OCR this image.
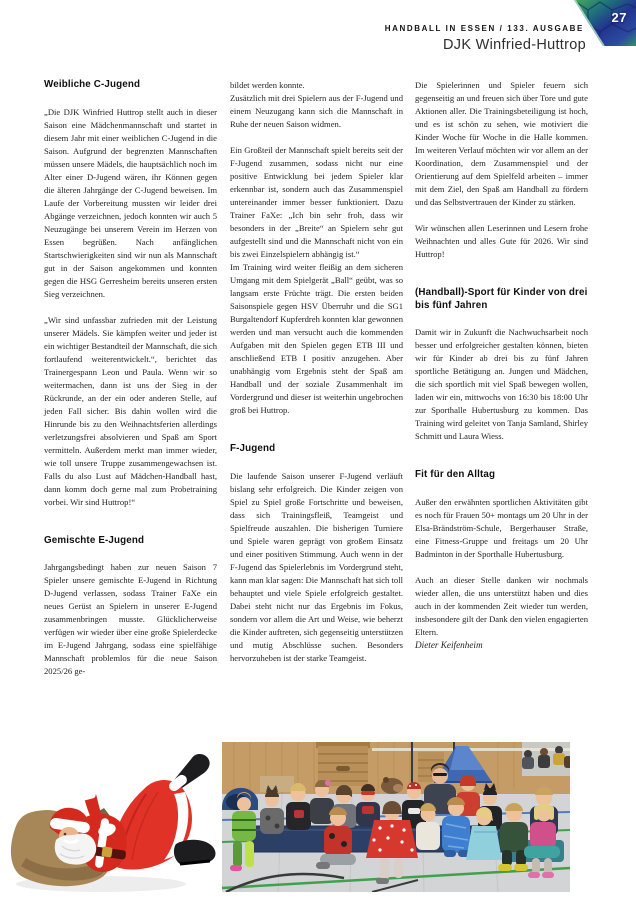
HANDBALL IN ESSEN / 133. AUSGABE
DJK Winfried-Huttrop
27
Weibliche C-Jugend

„Die DJK Winfried Huttrop stellt auch in dieser Saison eine Mädchenmannschaft und startet in diesem Jahr mit einer weiblichen C-Jugend in die Saison. Aufgrund der begrenzten Mannschaften müssen unsere Mädels, die hauptsächlich noch im Alter einer D-Jugend wären, ihr Können gegen die älteren Jahrgänge der C-Jugend beweisen. Im Laufe der Vorbereitung mussten wir leider drei Abgänge verzeichnen, jedoch konnten wir auch 5 Neuzugänge bei unserem Verein im Herzen von Essen begrüßen. Nach anfänglichen Startschwierigkeiten sind wir nun als Mannschaft gut in der Saison angekommen und konnten gegen die HSG Gerresheim bereits unseren ersten Sieg verzeichnen.

„Wir sind unfassbar zufrieden mit der Leistung unserer Mädels. Sie kämpfen weiter und jeder ist ein wichtiger Bestandteil der Mannschaft, die sich fortlaufend weiterentwickelt.“, berichtet das Trainergespann Leon und Paula. Wenn wir so weitermachen, dann ist uns der Sieg in der Rückrunde, an der ein oder anderen Stelle, auf jeden Fall sicher. Bis dahin wollen wird die Hinrunde bis zu den Weihnachtsferien allerdings verletzungsfrei absolvieren und Spaß am Sport vermitteln. Außerdem merkt man immer wieder, wie toll unsere Truppe zusammengewachsen ist. Falls du also Lust auf Mädchen-Handball hast, dann komm doch gerne mal zum Probetraining vorbei. Wir sind Huttrop!“

Gemischte E-Jugend

Jahrgangsbedingt haben zur neuen Saison 7 Spieler unsere gemischte E-Jugend in Richtung D-Jugend verlassen, sodass Trainer FaXe ein neues Gerüst an Spielern in unserer E-Jugend zusammenbringen musste. Glücklicherweise verfügen wir wieder über eine große Spielerdecke im E-Jugend Jahrgang, sodass eine spielfähige Mannschaft problemlos für die neue Saison 2025/26 ge-

bildet werden konnte.

Zusätzlich mit drei Spielern aus der F-Jugend und einem Neuzugang kann sich die Mannschaft in Ruhe der neuen Saison widmen.

Ein Großteil der Mannschaft spielt bereits seit der F-Jugend zusammen, sodass nicht nur eine positive Entwicklung bei jedem Spieler klar erkennbar ist, sondern auch das Zusammenspiel untereinander immer besser funktioniert. Dazu Trainer FaXe: „Ich bin sehr froh, dass wir besonders in der „Breite“ an Spielern sehr gut aufgestellt sind und die Mannschaft nicht von ein bis zwei Einzelspielern abhängig ist.“

Im Training wird weiter fleißig an dem sicheren Umgang mit dem Spielgerät „Ball“ geübt, was so langsam erste Früchte trägt. Die ersten beiden Saisonspiele gegen HSV Überruhr und die SG1 Burgaltendorf Kupferdreh konnten klar gewonnen werden und man versucht auch die kommenden Aufgaben mit den Spielen gegen ETB III und anschließend ETB I positiv anzugehen. Aber unabhängig vom Ergebnis steht der Spaß am Handball und der soziale Zusammenhalt im Vordergrund und dieser ist weiterhin ungebrochen groß bei Huttrop.

F-Jugend

Die laufende Saison unserer F-Jugend verläuft bislang sehr erfolgreich. Die Kinder zeigen von Spiel zu Spiel große Fortschritte und beweisen, dass sich Trainingsfleiß, Teamgeist und Spielfreude auszahlen. Die bisherigen Turniere und Spiele waren geprägt von großem Einsatz und einer positiven Stimmung. Auch wenn in der F-Jugend das Spielerlebnis im Vordergrund steht, kann man klar sagen: Die Mannschaft hat sich toll behauptet und viele Spiele erfolgreich gestaltet. Dabei steht nicht nur das Ergebnis im Fokus, sondern vor allem die Art und Weise, wie beherzt die Kinder auftreten, sich gegenseitig unterstützen und mutig Abschlüsse suchen. Besonders hervorzuheben ist der starke Teamgeist.

Die Spielerinnen und Spieler feuern sich gegenseitig an und freuen sich über Tore und gute Aktionen aller. Die Trainingsbeteiligung ist hoch, und es ist schön zu sehen, wie motiviert die Kinder Woche für Woche in die Halle kommen. Im weiteren Verlauf möchten wir vor allem an der Koordination, dem Zusammenspiel und der Orientierung auf dem Spielfeld arbeiten – immer mit dem Ziel, den Spaß am Handball zu fördern und das Selbstvertrauen der Kinder zu stärken.

Wir wünschen allen Leserinnen und Lesern frohe Weihnachten und alles Gute für 2026. Wir sind Huttrop!

(Handball)-Sport für Kinder von drei bis fünf Jahren

Damit wir in Zukunft die Nachwuchsarbeit noch besser und erfolgreicher gestalten können, bieten wir für Kinder ab drei bis zu fünf Jahren sportliche Betätigung an. Jungen und Mädchen, die sich sportlich mit viel Spaß bewegen wollen, laden wir ein, mittwochs von 16:30 bis 18:00 Uhr zur Sporthalle Hubertusburg zu kommen. Das Training wird geleitet von Tanja Samland, Shirley Schmitt und Laura Wiess.

Fit für den Alltag

Außer den erwähnten sportlichen Aktivitäten gibt es noch für Frauen 50+ montags um 20 Uhr in der Elsa-Brändström-Schule, Bergerhauser Straße, eine Fitness-Gruppe und freitags um 20 Uhr Badminton in der Sporthalle Hubertusburg.

Auch an dieser Stelle danken wir nochmals wieder allen, die uns unterstützt haben und dies auch in der kommenden Zeit wieder tun werden, insbesondere gilt der Dank den vielen engagierten Eltern.

Dieter Keifenheim
